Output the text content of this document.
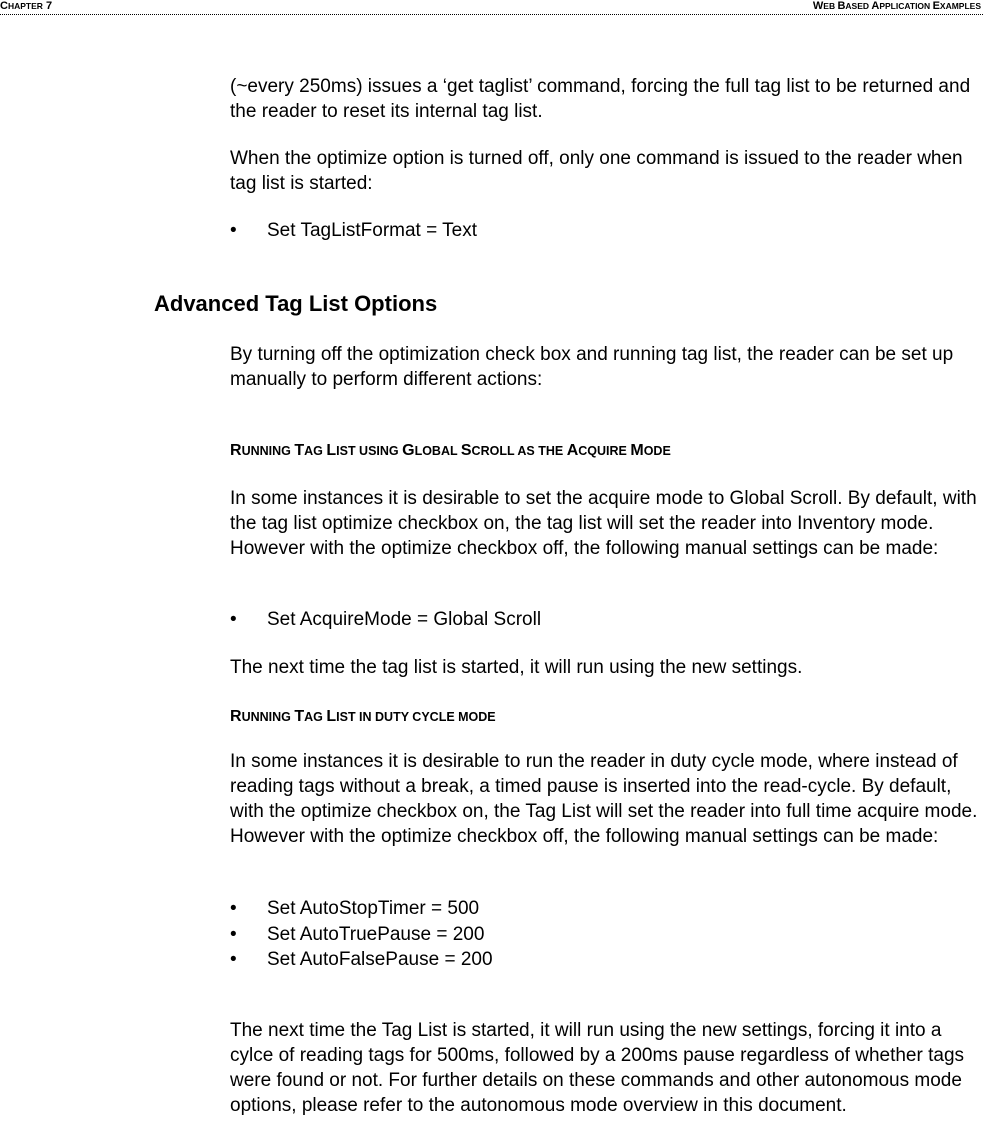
CHAPTER 7	WEB BASED APPLICATION EXAMPLES

(~every 250ms) issues a ‘get taglist’ command, forcing the full tag list to be returned and the reader to reset its internal tag list.

When the optimize option is turned off, only one command is issued to the reader when tag list is started:

•	Set TagListFormat = Text
Advanced Tag List Options

By turning off the optimization check box and running tag list, the reader can be set up manually to perform different actions:

RUNNING TAG LIST USING GLOBAL SCROLL AS THE ACQUIRE MODE

In some instances it is desirable to set the acquire mode to Global Scroll. By default, with the tag list optimize checkbox on, the tag list will set the reader into Inventory mode. However with the optimize checkbox off, the following manual settings can be made:

•	Set AcquireMode = Global Scroll

The next time the tag list is started, it will run using the new settings.

RUNNING TAG LIST IN DUTY CYCLE MODE

In some instances it is desirable to run the reader in duty cycle mode, where instead of reading tags without a break, a timed pause is inserted into the read-cycle. By default, with the optimize checkbox on, the Tag List will set the reader into full time acquire mode. However with the optimize checkbox off, the following manual settings can be made:

•	Set AutoStopTimer = 500
•	Set AutoTruePause = 200
•	Set AutoFalsePause = 200

The next time the Tag List is started, it will run using the new settings, forcing it into a cylce of reading tags for 500ms, followed by a 200ms pause regardless of whether tags were found or not. For further details on these commands and other autonomous mode options, please refer to the autonomous mode overview in this document.
